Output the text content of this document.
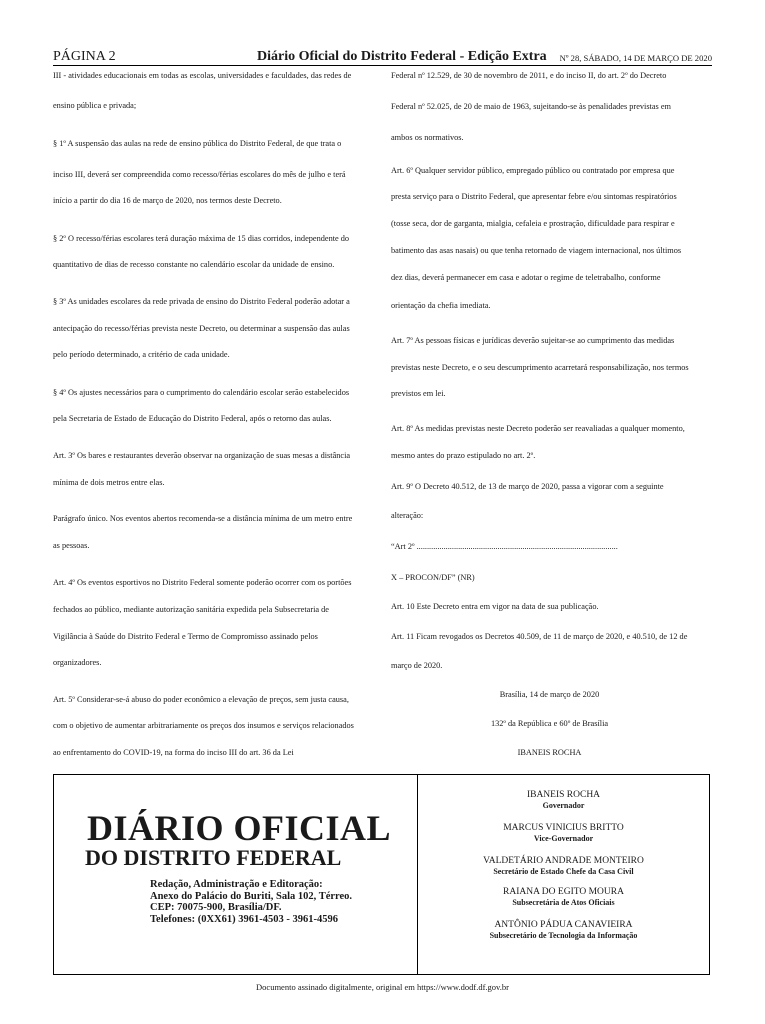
PÁGINA 2	Diário Oficial do Distrito Federal - Edição Extra Nº 28, SÁBADO, 14 DE MARÇO DE 2020

III - atividades educacionais em todas as escolas, universidades e faculdades, das redes de

ensino pública e privada;

§ 1º A suspensão das aulas na rede de ensino pública do Distrito Federal, de que trata o

inciso III, deverá ser compreendida como recesso/férias escolares do mês de julho e terá

início a partir do dia 16 de março de 2020, nos termos deste Decreto.

§ 2º O recesso/férias escolares terá duração máxima de 15 dias corridos, independente do

quantitativo de dias de recesso constante no calendário escolar da unidade de ensino.

§ 3º As unidades escolares da rede privada de ensino do Distrito Federal poderão adotar a

antecipação do recesso/férias prevista neste Decreto, ou determinar a suspensão das aulas

pelo período determinado, a critério de cada unidade.

§ 4º Os ajustes necessários para o cumprimento do calendário escolar serão estabelecidos

pela Secretaria de Estado de Educação do Distrito Federal, após o retorno das aulas.

Art. 3º Os bares e restaurantes deverão observar na organização de suas mesas a distância

mínima de dois metros entre elas.

Parágrafo único. Nos eventos abertos recomenda-se a distância mínima de um metro entre

as pessoas.

Art. 4º Os eventos esportivos no Distrito Federal somente poderão ocorrer com os portões

fechados ao público, mediante autorização sanitária expedida pela Subsecretaria de

Vigilância à Saúde do Distrito Federal e Termo de Compromisso assinado pelos

organizadores.

Art. 5º Considerar-se-á abuso do poder econômico a elevação de preços, sem justa causa,

com o objetivo de aumentar arbitrariamente os preços dos insumos e serviços relacionados

ao enfrentamento do COVID-19, na forma do inciso III do art. 36 da Lei

Federal nº 12.529, de 30 de novembro de 2011, e do inciso II, do art. 2º do Decreto

Federal nº 52.025, de 20 de maio de 1963, sujeitando-se às penalidades previstas em

ambos os normativos.

Art. 6º Qualquer servidor público, empregado público ou contratado por empresa que

presta serviço para o Distrito Federal, que apresentar febre e/ou sintomas respiratórios

(tosse seca, dor de garganta, mialgia, cefaleia e prostração, dificuldade para respirar e

batimento das asas nasais) ou que tenha retornado de viagem internacional, nos últimos

dez dias, deverá permanecer em casa e adotar o regime de teletrabalho, conforme

orientação da chefia imediata.

Art. 7º As pessoas físicas e jurídicas deverão sujeitar-se ao cumprimento das medidas

previstas neste Decreto, e o seu descumprimento acarretará responsabilização, nos termos

previstos em lei.

Art. 8º As medidas previstas neste Decreto poderão ser reavaliadas a qualquer momento,

mesmo antes do prazo estipulado no art. 2º.

Art. 9º O Decreto 40.512, de 13 de março de 2020, passa a vigorar com a seguinte

alteração:

“Art 2º .................................................................................................

X – PROCON/DF” (NR)

Art. 10 Este Decreto entra em vigor na data de sua publicação.

Art. 11 Ficam revogados os Decretos 40.509, de 11 de março de 2020, e 40.510, de 12 de

março de 2020.

Brasília, 14 de março de 2020

132º da República e 60º de Brasília

IBANEIS ROCHA

DIÁRIO OFICIAL
DO DISTRITO FEDERAL
Redação, Administração e Editoração:
Anexo do Palácio do Buriti, Sala 102, Térreo.
CEP: 70075-900, Brasília/DF.
Telefones: (0XX61) 3961-4503 - 3961-4596
IBANEIS ROCHA
Governador
MARCUS VINICIUS BRITTO
Vice-Governador
VALDETÁRIO ANDRADE MONTEIRO
Secretário de Estado Chefe da Casa Civil
RAIANA DO EGITO MOURA
Subsecretária de Atos Oficiais
ANTÔNIO PÁDUA CANAVIEIRA
Subsecretário de Tecnologia da Informação
Documento assinado digitalmente, original em https://www.dodf.df.gov.br
